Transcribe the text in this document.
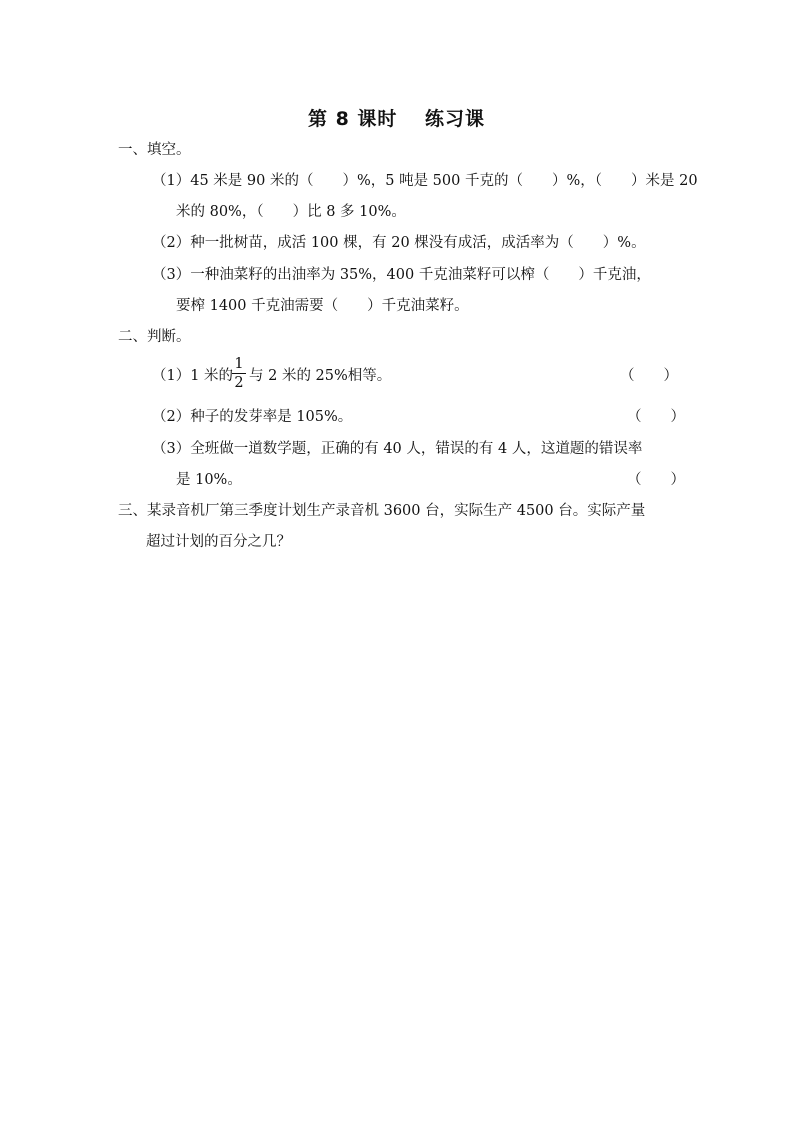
第 8 课时　 练习课
一、填空。
（1）45 米是 90 米的（　　）%，5 吨是 500 千克的（　　）%，（　　）米是 20
米的 80%，（　　）比 8 多 10%。
（2）种一批树苗，成活 100 棵，有 20 棵没有成活，成活率为（　　）%。
（3）一种油菜籽的出油率为 35%，400 千克油菜籽可以榨（　　）千克油，
要榨 1400 千克油需要（　　）千克油菜籽。
二、判断。
（1）1 米的
1
2 与 2 米的 25%相等。	（　　）
（2）种子的发芽率是 105%。	（　　）
（3）全班做一道数学题，正确的有 40 人，错误的有 4 人，这道题的错误率
是 10%。	（　　）
三、某录音机厂第三季度计划生产录音机 3600 台，实际生产 4500 台。实际产量
超过计划的百分之几？
